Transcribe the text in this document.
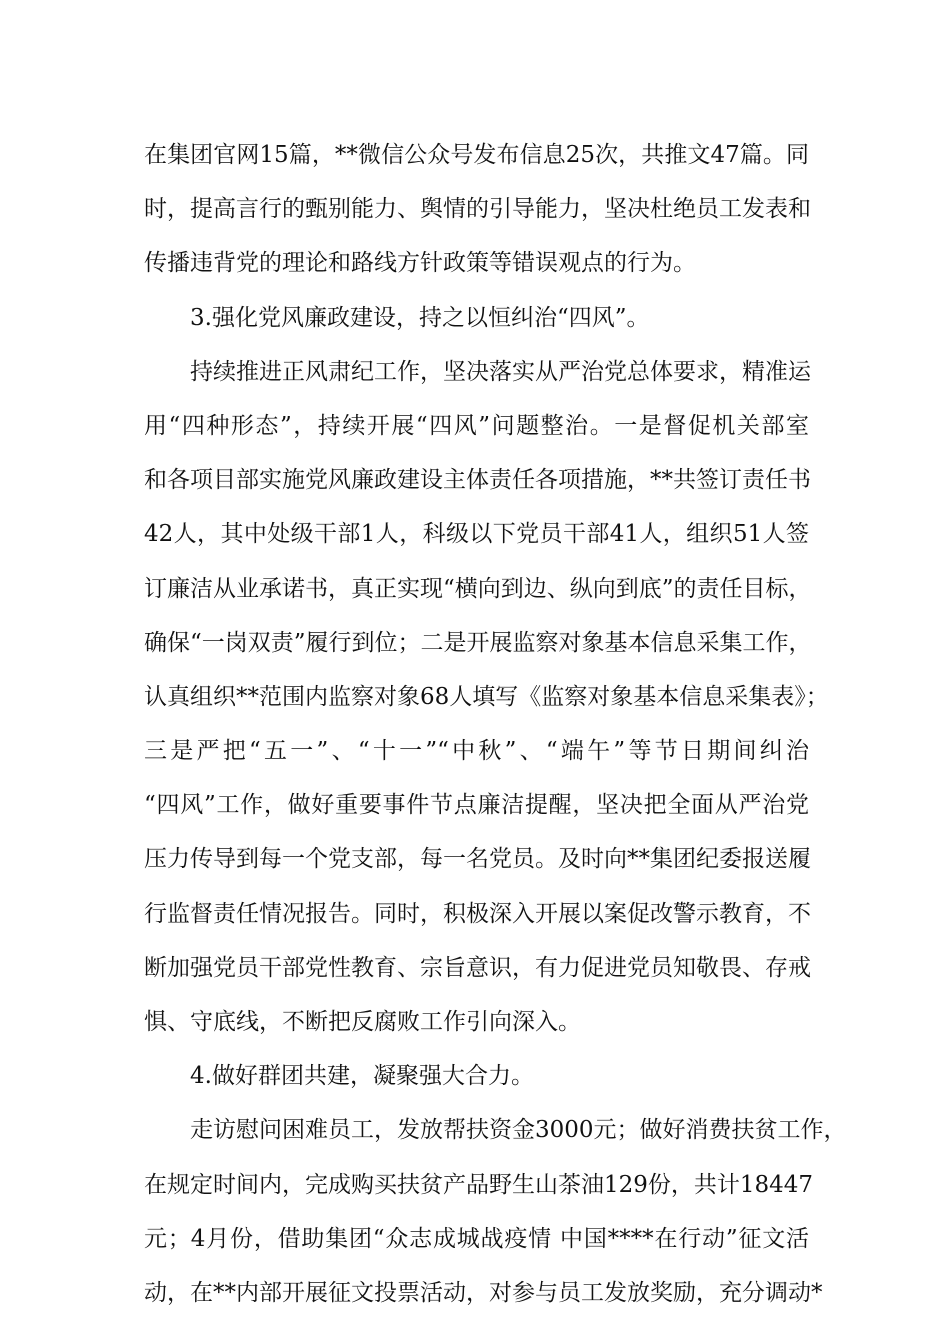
在集团官网15篇，**微信公众号发布信息25次，共推文47篇。同
时，提高言行的甄别能力、舆情的引导能力，坚决杜绝员工发表和
传播违背党的理论和路线方针政策等错误观点的行为。
3.强化党风廉政建设，持之以恒纠治“四风”。
持续推进正风肃纪工作，坚决落实从严治党总体要求，精准运
用“四种形态”，持续开展“四风”问题整治。一是督促机关部室
和各项目部实施党风廉政建设主体责任各项措施，**共签订责任书
42人，其中处级干部1人，科级以下党员干部41人，组织51人签
订廉洁从业承诺书，真正实现“横向到边、纵向到底”的责任目标，
确保“一岗双责”履行到位；二是开展监察对象基本信息采集工作，
认真组织**范围内监察对象68人填写《监察对象基本信息采集表》；
三是严把“五一”、“十一”“中秋”、“端午”等节日期间纠治
“四风”工作，做好重要事件节点廉洁提醒，坚决把全面从严治党
压力传导到每一个党支部，每一名党员。及时向**集团纪委报送履
行监督责任情况报告。同时，积极深入开展以案促改警示教育，不
断加强党员干部党性教育、宗旨意识，有力促进党员知敬畏、存戒
惧、守底线，不断把反腐败工作引向深入。
4.做好群团共建，凝聚强大合力。
走访慰问困难员工，发放帮扶资金3000元；做好消费扶贫工作，
在规定时间内，完成购买扶贫产品野生山茶油129份，共计18447
元；4月份，借助集团“众志成城战疫情 中国****在行动”征文活
动，在**内部开展征文投票活动，对参与员工发放奖励，充分调动*
